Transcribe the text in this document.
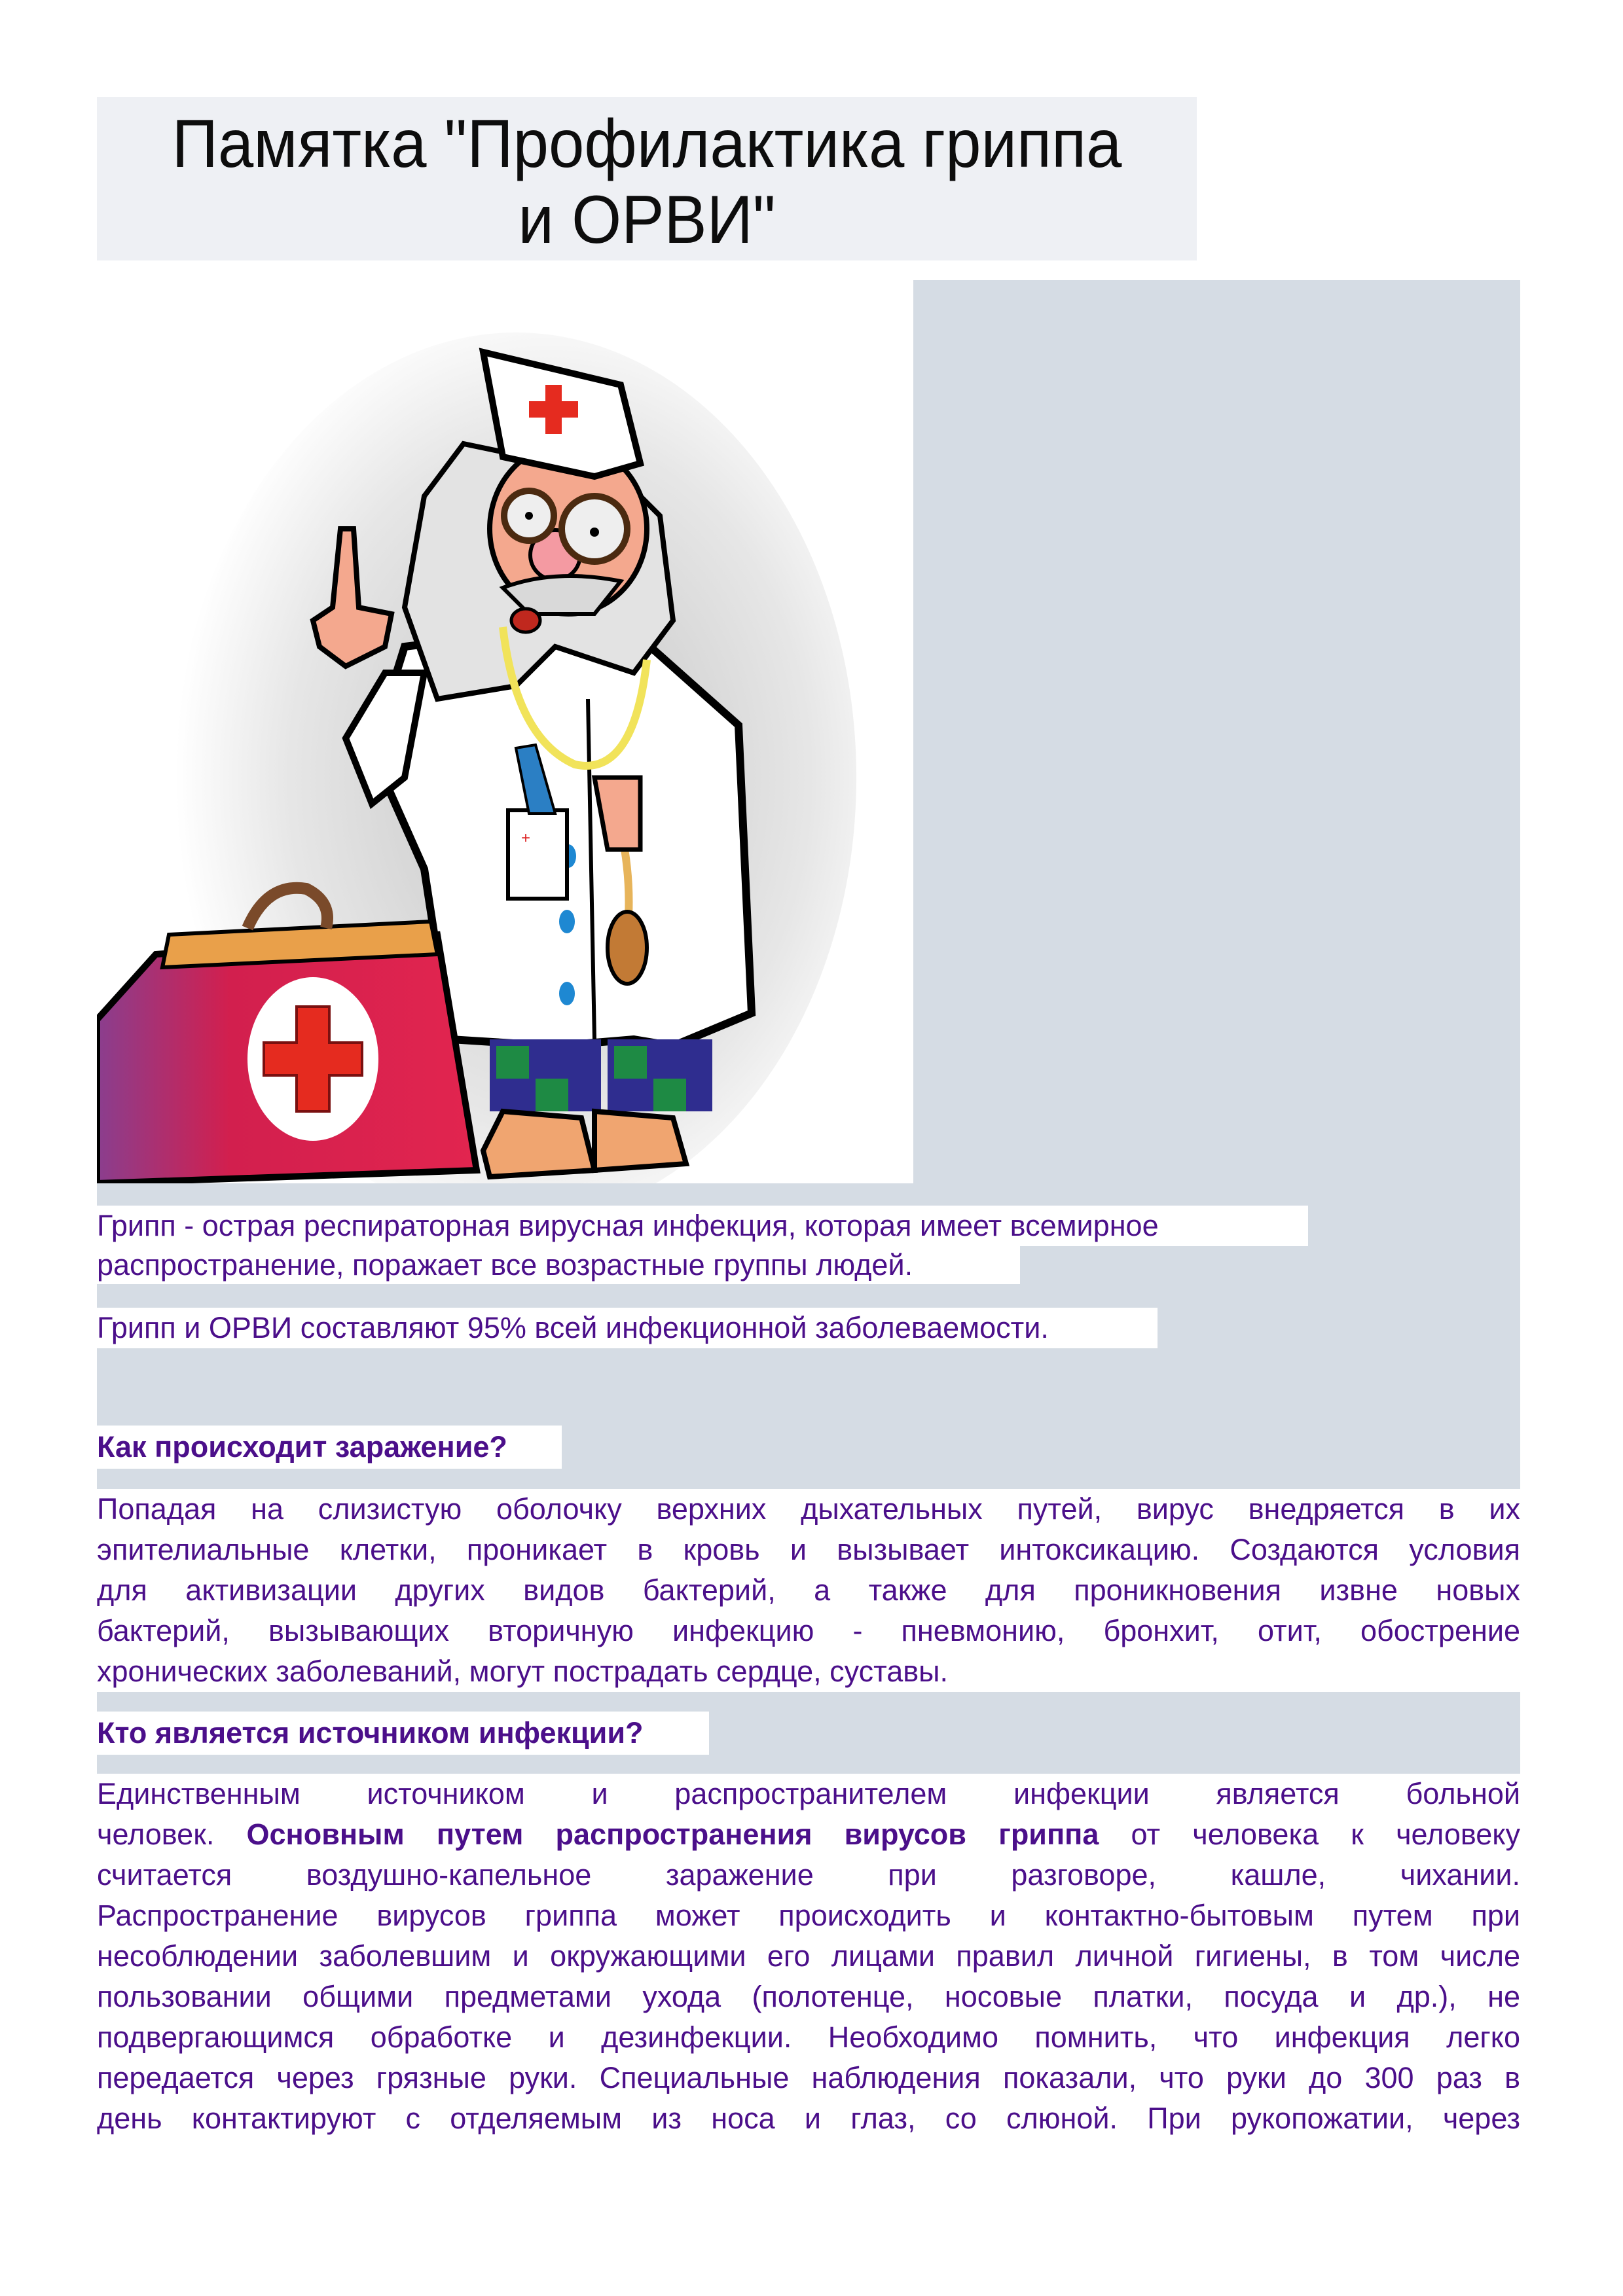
Памятка "Профилактика гриппа
и ОРВИ"
+
Грипп - острая респираторная вирусная инфекция, которая имеет всемирное
распространение, поражает все возрастные группы людей.
Грипп и ОРВИ составляют 95% всей инфекционной заболеваемости.
Как происходит заражение?
Попадая на слизистую оболочку верхних дыхательных путей, вирус внедряется в их
эпителиальные клетки, проникает в кровь и вызывает интоксикацию. Создаются условия
для активизации других видов бактерий, а также для проникновения извне новых
бактерий, вызывающих вторичную инфекцию - пневмонию, бронхит, отит, обострение
хронических заболеваний, могут пострадать сердце, суставы.
Кто является источником инфекции?
Единственным источником и распространителем инфекции является больной
человек. Основным путем распространения вирусов гриппа от человека к человеку
считается воздушно-капельное заражение при разговоре, кашле, чихании.
Распространение вирусов гриппа может происходить и контактно-бытовым путем при
несоблюдении заболевшим и окружающими его лицами правил личной гигиены, в том числе
пользовании общими предметами ухода (полотенце, носовые платки, посуда и др.), не
подвергающимся обработке и дезинфекции. Необходимо помнить, что инфекция легко
передается через грязные руки. Специальные наблюдения показали, что руки до 300 раз в
день контактируют с отделяемым из носа и глаз, со слюной. При рукопожатии, через
